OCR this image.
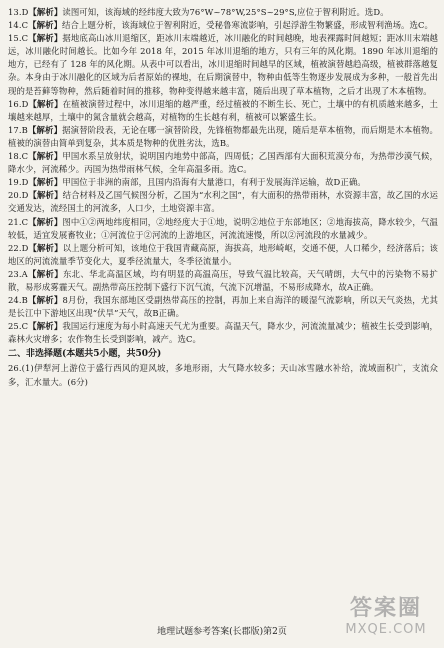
13.D【解析】读图可知，该海域的经纬度大致为76°W~78°W,25°S~29°S,应位于智利附近。选D。

14.C【解析】结合上题分析，该海域位于智利附近，受秘鲁寒流影响，引起浮游生物繁盛，形成智利渔场。选C。

15.C【解析】据地底高山冰川退缩区，距冰川末端越近，冰川融化的时间越晚，地表裸露时间越短；距冰川末端越远，冰川融化时间越长。比如今年 2018 年，2015 年冰川退缩的地方，只有三年的风化期。1890 年冰川退缩的地方，已经有了 128 年的风化期。从表中可以看出，冰川退缩时间越早的区域，植被演替越趋高级，植被群落越复杂。本身由于冰川融化的区域为后者原始的裸地，在后期演替中，物种由低等生物逐步发展成为多种，一般首先出现的是苔藓等物种，然后随着时间的推移，物种变得越来越丰富，随后出现了草本植物，之后才出现了木本植物。

16.D【解析】在植被演替过程中，冰川退缩的越严重，经过植被的不断生长、死亡，土壤中的有机质越来越多，土壤越来越厚，土壤中的氮含量就会越高，对植物的生长越有利，植被可以繁盛生长。

17.B【解析】据演替阶段表，无论在哪一演替阶段，先锋植物都最先出现，随后是草本植物，而后期是木本植物。植被的演替由简单到复杂，其本质是物种的优胜劣汰，选B。

18.C【解析】甲国水系呈放射状，说明国内地势中部高，四周低；乙国西部有大面积荒漠分布，为热带沙漠气候，降水少，河流稀少。丙国为热带雨林气候，全年高温多雨。选C。

19.D【解析】甲国位于非洲的南部，且国内沿海有大量港口，有利于发展海洋运输，故D正确。

20.D【解析】结合材料及乙国气候图分析，乙国为“水利之国”，有大面积的热带雨林，水资源丰富，故乙国的水运交通发达，流经国土的河流多，人口少，土地资源丰富。

21.C【解析】图中①②两地纬度相同，②地经度大于①地，说明②地位于东部地区；②地海拔高，降水较少，气温较低，适宜发展畜牧业；①河流位于②河流的上游地区，河流流速慢，所以②河流段的水量减少。

22.D【解析】以上题分析可知，该地位于我国青藏高原，海拔高，地形崎岖，交通不便，人口稀少，经济落后；该地区的河流流量季节变化大，夏季径流量大，冬季径流量小。

23.A【解析】东北、华北高温区域，均有明显的高温高压，导致气温比较高，天气晴朗，大气中的污染物不易扩散，易形成雾霾天气。副热带高压控制下盛行下沉气流，气流下沉增温，不易形成降水，故A正确。

24.B【解析】8月份，我国东部地区受副热带高压的控制，再加上来自海洋的暖湿气流影响，所以天气炎热，尤其是长江中下游地区出现“伏旱”天气，故B正确。

25.C【解析】我国运行速度为每小时高速天气尤为重要。高温天气，降水少，河流流量减少；植被生长受到影响，森林火灾增多；农作物生长受到影响，减产。选C。

二、非选择题(本题共5小题，共50分)

26.(1)伊犁河上游位于盛行西风的迎风坡，多地形雨，大气降水较多；天山冰雪融水补给，流域面积广，支流众多，汇水量大。(6分)

答案圈
MXQE.COM
地理试题参考答案(长郡版)第2页
